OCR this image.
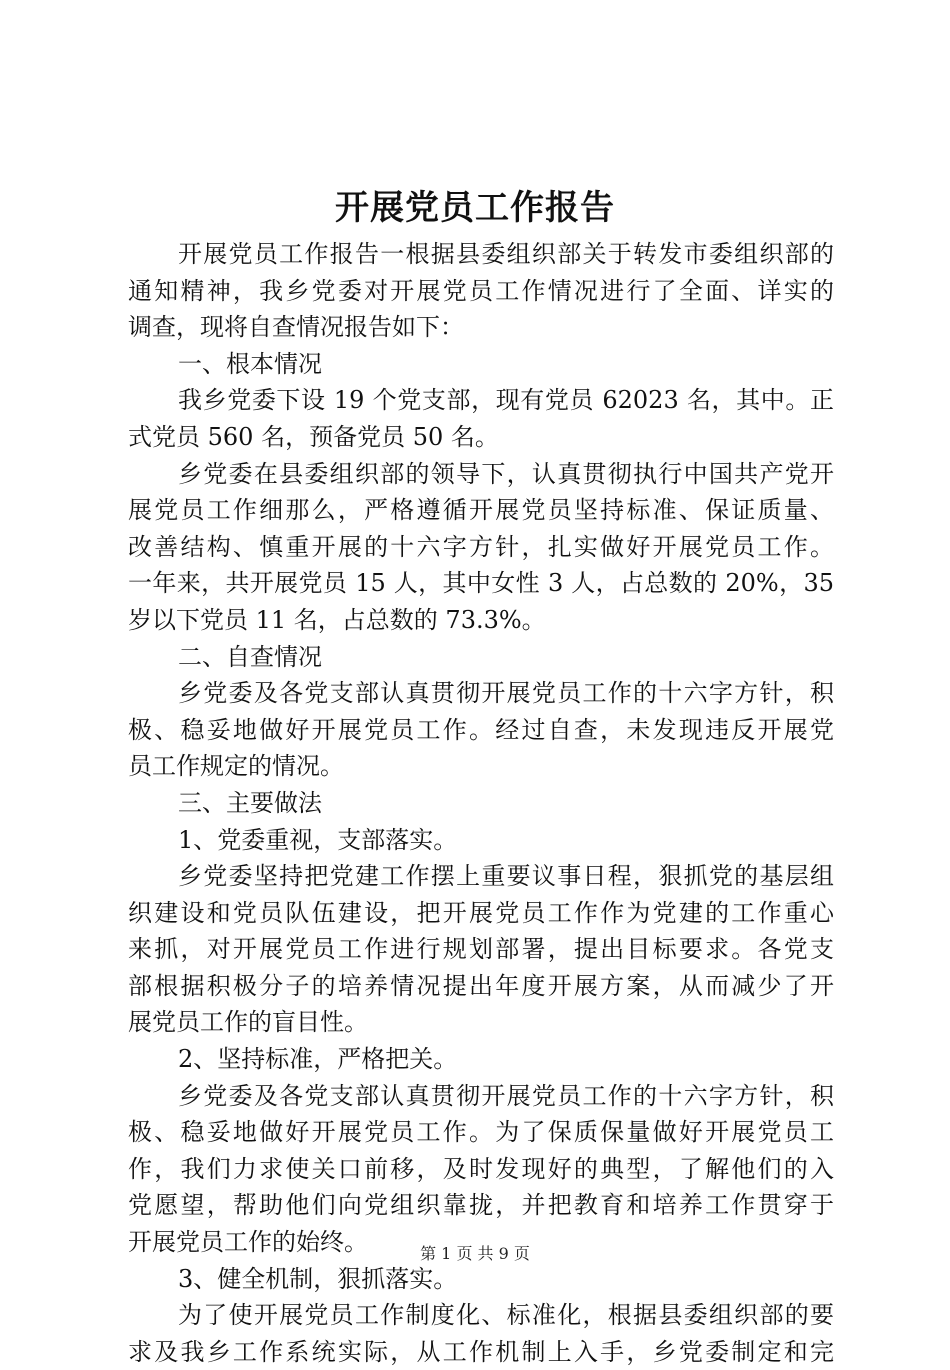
开展党员工作报告
开展党员工作报告一根据县委组织部关于转发市委组织部的
通知精神，我乡党委对开展党员工作情况进行了全面、详实的
调查，现将自查情况报告如下：
一、根本情况
我乡党委下设 19 个党支部，现有党员 62023 名，其中。正
式党员 560 名，预备党员 50 名。
乡党委在县委组织部的领导下，认真贯彻执行中国共产党开
展党员工作细那么，严格遵循开展党员坚持标准、保证质量、
改善结构、慎重开展的十六字方针，扎实做好开展党员工作。
一年来，共开展党员 15 人，其中女性 3 人，占总数的 20%，35
岁以下党员 11 名，占总数的 73.3%。
二、自查情况
乡党委及各党支部认真贯彻开展党员工作的十六字方针，积
极、稳妥地做好开展党员工作。经过自查，未发现违反开展党
员工作规定的情况。
三、主要做法
1、党委重视，支部落实。
乡党委坚持把党建工作摆上重要议事日程，狠抓党的基层组
织建设和党员队伍建设，把开展党员工作作为党建的工作重心
来抓，对开展党员工作进行规划部署，提出目标要求。各党支
部根据积极分子的培养情况提出年度开展方案，从而减少了开
展党员工作的盲目性。
2、坚持标准，严格把关。
乡党委及各党支部认真贯彻开展党员工作的十六字方针，积
极、稳妥地做好开展党员工作。为了保质保量做好开展党员工
作，我们力求使关口前移，及时发现好的典型，了解他们的入
党愿望，帮助他们向党组织靠拢，并把教育和培养工作贯穿于
开展党员工作的始终。
3、健全机制，狠抓落实。
为了使开展党员工作制度化、标准化，根据县委组织部的要
求及我乡工作系统实际，从工作机制上入手，乡党委制定和完
第 1 页 共 9 页
